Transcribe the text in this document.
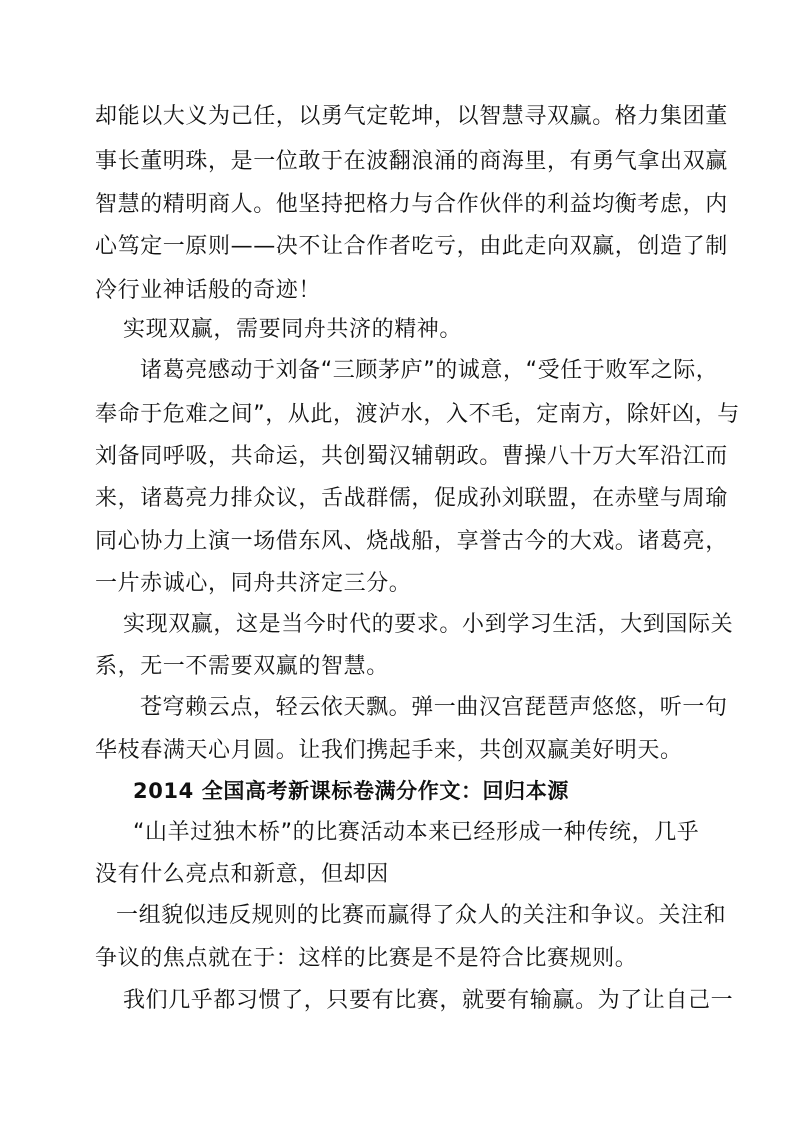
却能以大义为己任，以勇气定乾坤，以智慧寻双赢。格力集团董
事长董明珠，是一位敢于在波翻浪涌的商海里，有勇气拿出双赢
智慧的精明商人。他坚持把格力与合作伙伴的利益均衡考虑，内
心笃定一原则——决不让合作者吃亏，由此走向双赢，创造了制
冷行业神话般的奇迹！
实现双赢，需要同舟共济的精神。
诸葛亮感动于刘备“三顾茅庐”的诚意，“受任于败军之际，
奉命于危难之间”，从此，渡泸水，入不毛，定南方，除奸凶，与
刘备同呼吸，共命运，共创蜀汉辅朝政。曹操八十万大军沿江而
来，诸葛亮力排众议，舌战群儒，促成孙刘联盟，在赤壁与周瑜
同心协力上演一场借东风、烧战船，享誉古今的大戏。诸葛亮，
一片赤诚心，同舟共济定三分。
实现双赢，这是当今时代的要求。小到学习生活，大到国际关
系，无一不需要双赢的智慧。
苍穹赖云点，轻云依天飘。弹一曲汉宫琵琶声悠悠，听一句
华枝春满天心月圆。让我们携起手来，共创双赢美好明天。
2014 全国高考新课标卷满分作文：回归本源
“山羊过独木桥”的比赛活动本来已经形成一种传统，几乎
没有什么亮点和新意，但却因
一组貌似违反规则的比赛而赢得了众人的关注和争议。关注和
争议的焦点就在于：这样的比赛是不是符合比赛规则。
我们几乎都习惯了，只要有比赛，就要有输赢。为了让自己一
